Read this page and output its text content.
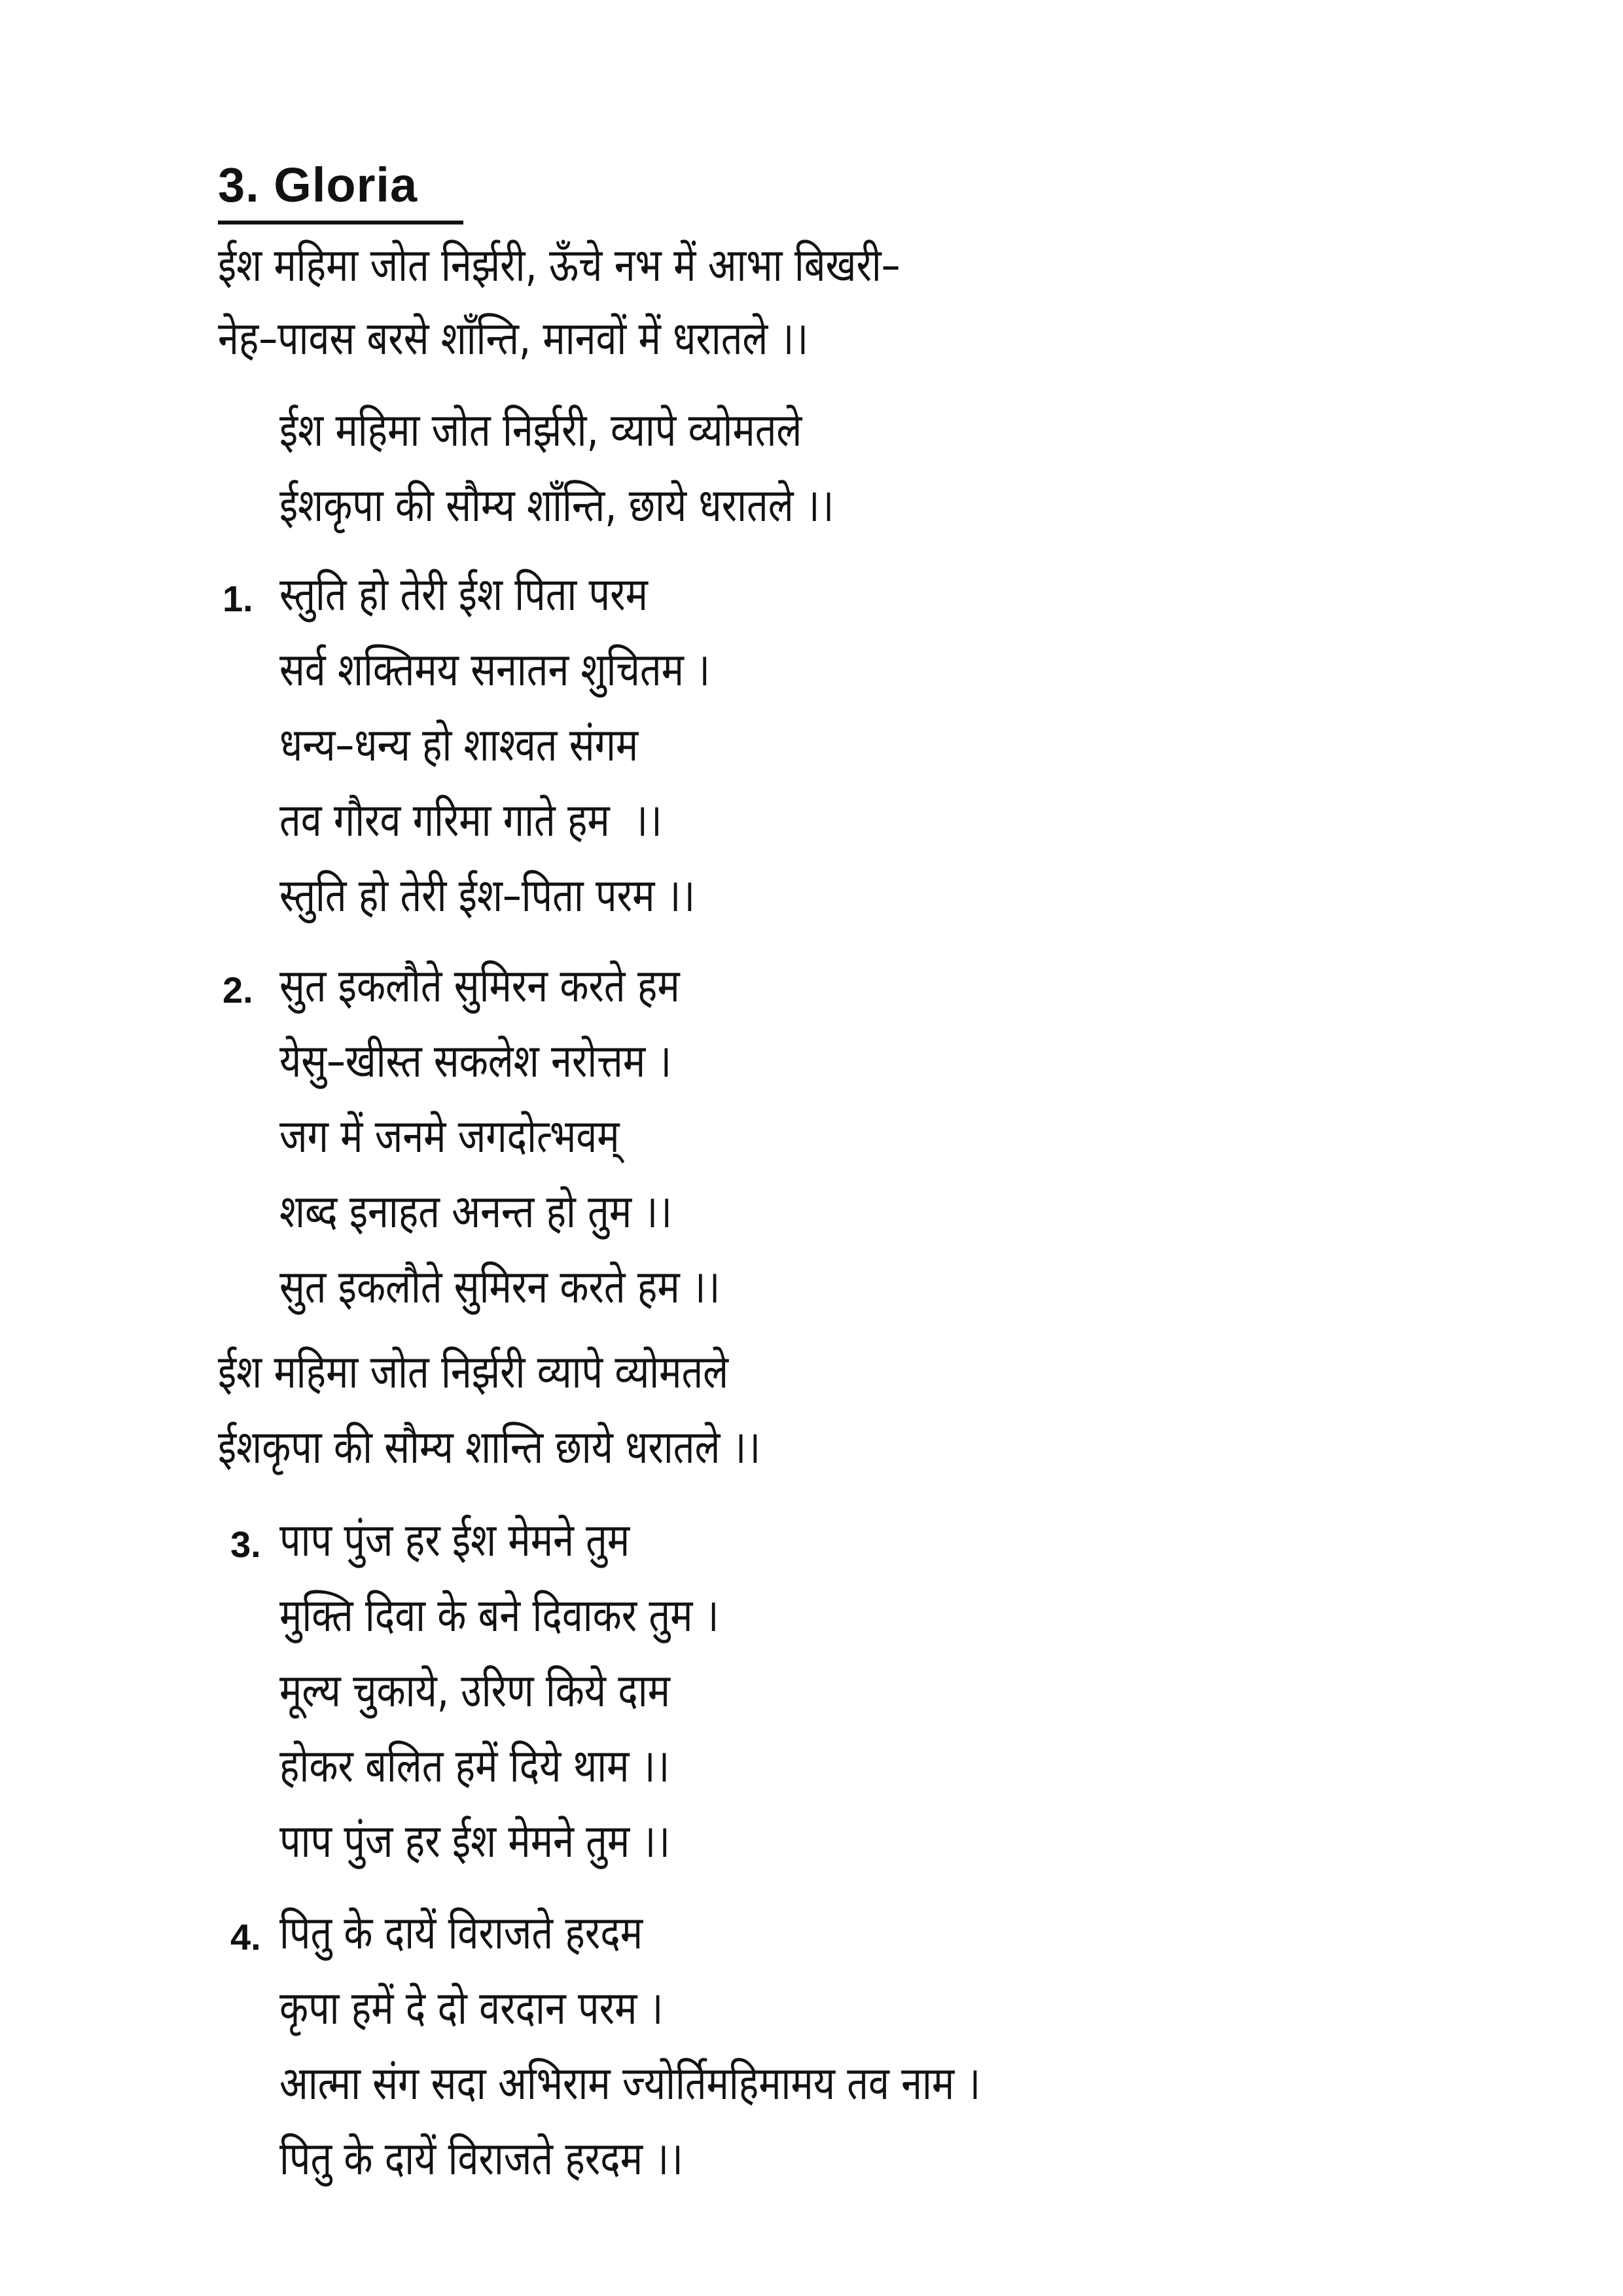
3. Gloria
ईश महिमा जोत निर्झरी, ऊँचे नभ में आभा बिखरी–
नेह–पावस बरसे शाँन्ति, मानवों में धरातले ।।
ईश महिमा जोत निर्झरी, व्यापे व्योमतले
ईशकृपा की सौम्य शाँन्ति, छाये धरातले ।।
1. स्तुति हो तेरी ईश पिता परम
सर्व शक्तिमय सनातन शुचितम ।
धन्य–धन्य हो शाश्वत संगम
तव गौरव गरिमा गाते हम  ।।
स्तुति हो तेरी ईश–पिता परम ।।
2. सुत इकलौते सुमिरन करते हम
येसु–खीस्त सकलेश नरोत्तम ।
जग में जनमे जगदोत्भवम्
शब्द इनाहत अनन्त हो तुम ।।
सुत इकलौते सुमिरन करते हम ।।
ईश महिमा जोत निर्झरी व्यापे व्योमतले
ईशकृपा की सौम्य शान्ति छाये धरातले ।।
3. पाप पुंज हर ईश मेमने तुम
मुक्ति दिवा के बने दिवाकर तुम ।
मूल्य चुकाये, उरिण किये दाम
होकर बलित हमें दिये थाम ।।
पाप पुंज हर ईश मेमने तुम ।।
4. पितु के दायें विराजते हरदम
कृपा हमें दे दो वरदान परम ।
आत्मा संग सदा अभिराम ज्योर्तिमहिमामय तव नाम ।
पितु के दायें विराजते हरदम ।।
